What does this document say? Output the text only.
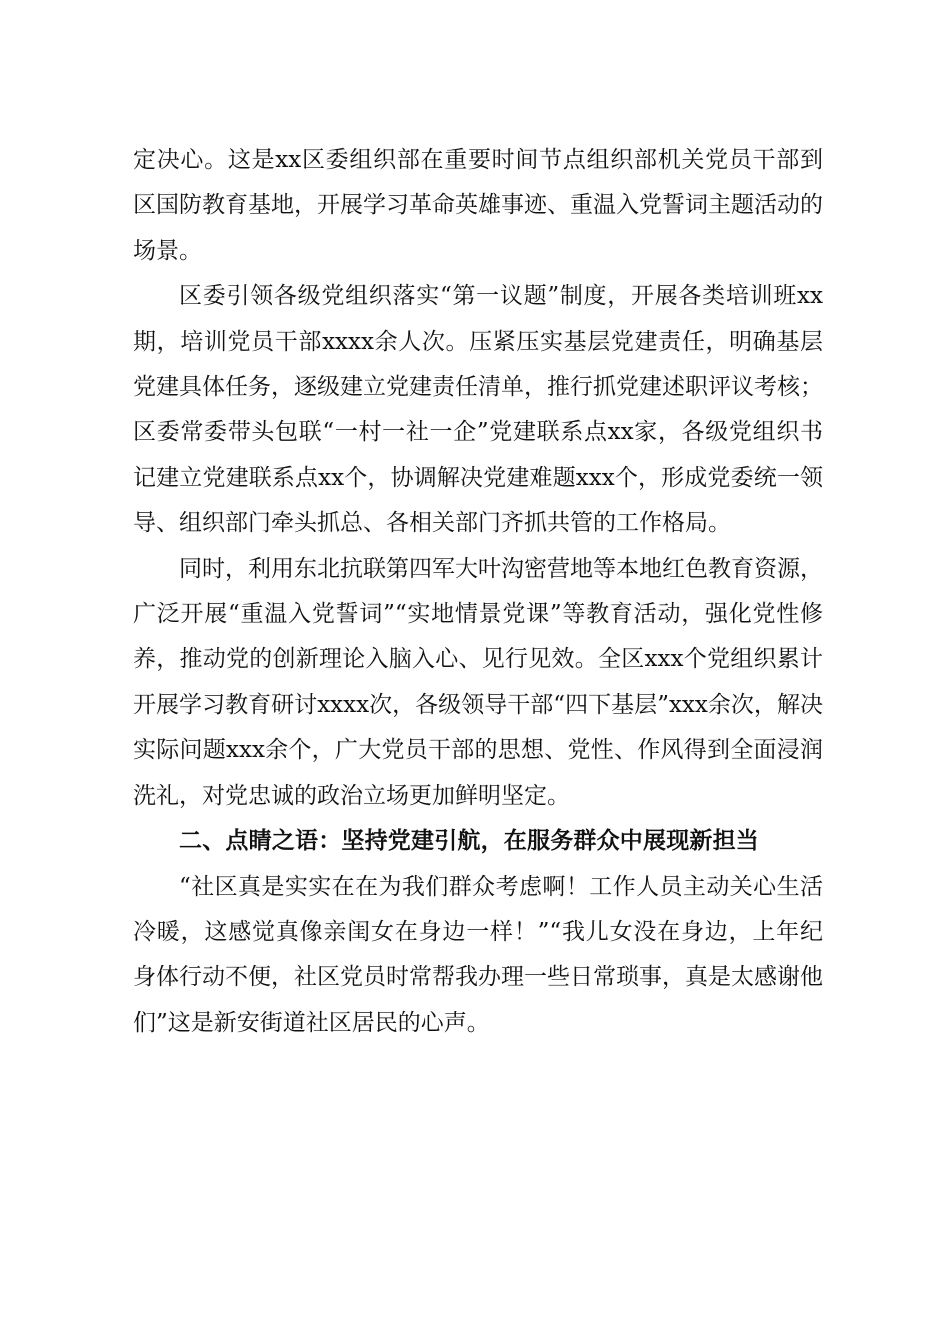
定决心。这是xx区委组织部在重要时间节点组织部机关党员干部到区国防教育基地，开展学习革命英雄事迹、重温入党誓词主题活动的场景。

区委引领各级党组织落实“第一议题”制度，开展各类培训班xx期，培训党员干部xxxx余人次。压紧压实基层党建责任，明确基层党建具体任务，逐级建立党建责任清单，推行抓党建述职评议考核；区委常委带头包联“一村一社一企”党建联系点xx家，各级党组织书记建立党建联系点xx个，协调解决党建难题xxx个，形成党委统一领导、组织部门牵头抓总、各相关部门齐抓共管的工作格局。

同时，利用东北抗联第四军大叶沟密营地等本地红色教育资源，广泛开展“重温入党誓词”“实地情景党课”等教育活动，强化党性修养，推动党的创新理论入脑入心、见行见效。全区xxx个党组织累计开展学习教育研讨xxxx次，各级领导干部“四下基层”xxx余次，解决实际问题xxx余个，广大党员干部的思想、党性、作风得到全面浸润洗礼，对党忠诚的政治立场更加鲜明坚定。

二、点睛之语：坚持党建引航，在服务群众中展现新担当

“社区真是实实在在为我们群众考虑啊！工作人员主动关心生活冷暖，这感觉真像亲闺女在身边一样！”“我儿女没在身边，上年纪身体行动不便，社区党员时常帮我办理一些日常琐事，真是太感谢他们”这是新安街道社区居民的心声。
